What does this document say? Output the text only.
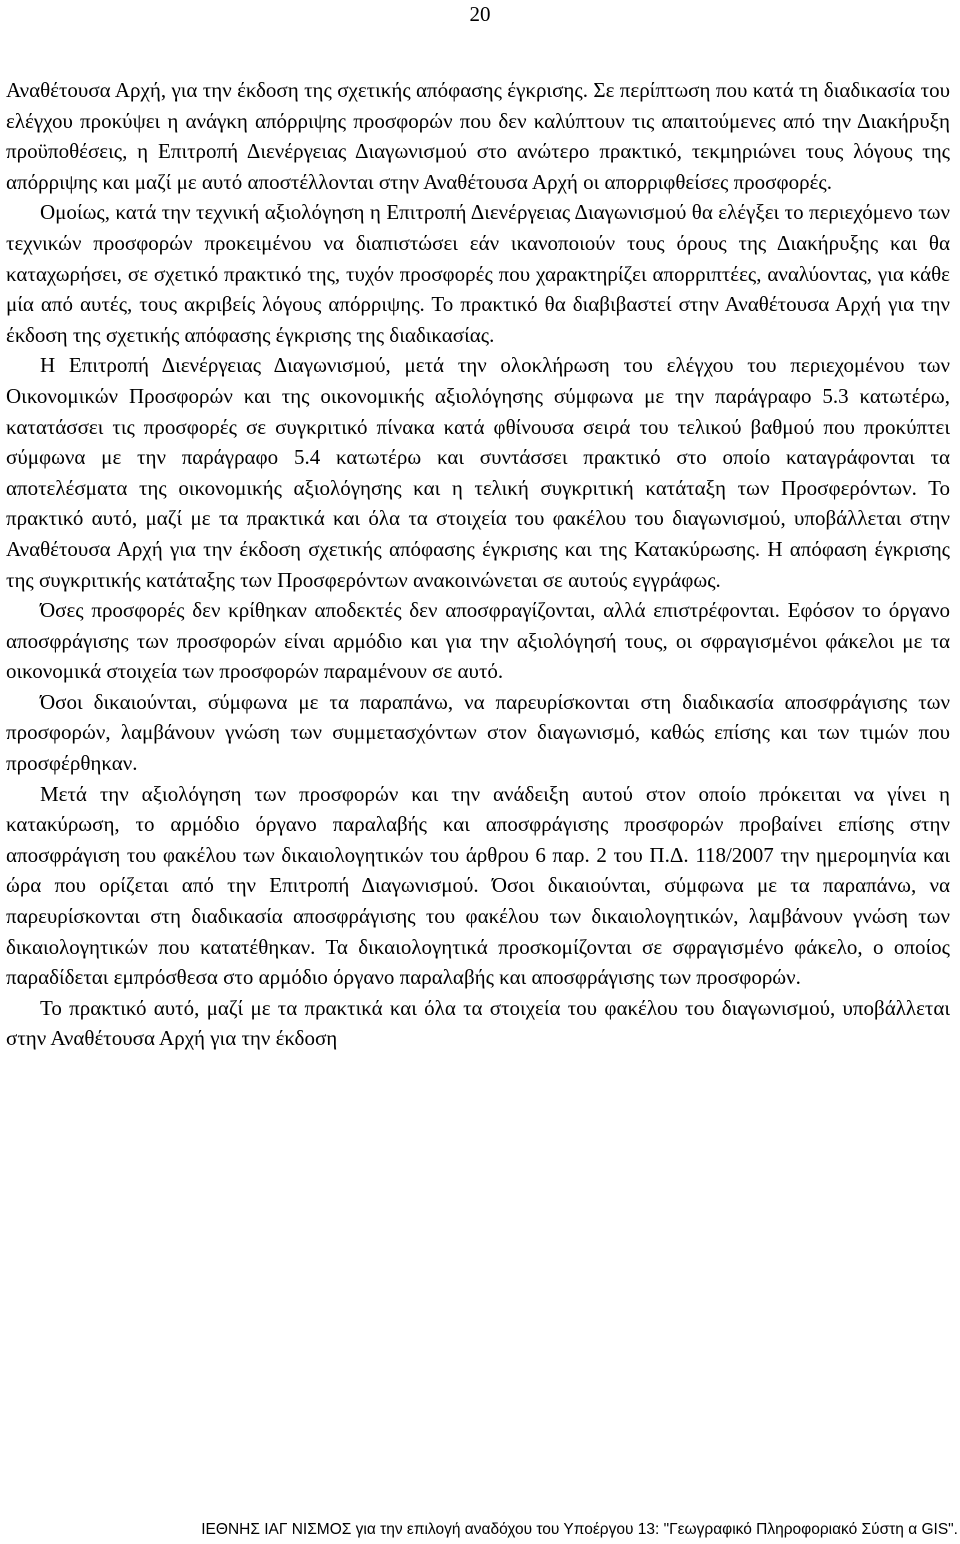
20

Αναθέτουσα Αρχή, για την έκδοση της σχετικής απόφασης έγκρισης. Σε περίπτωση που κατά τη διαδικασία του ελέγχου προκύψει η ανάγκη απόρριψης προσφορών που δεν καλύπτουν τις απαιτούμενες από την Διακήρυξη προϋποθέσεις, η Επιτροπή Διενέργειας Διαγωνισμού στο ανώτερο πρακτικό, τεκμηριώνει τους λόγους της απόρριψης και μαζί με αυτό αποστέλλονται στην Αναθέτουσα Αρχή οι απορριφθείσες προσφορές.

Ομοίως, κατά την τεχνική αξιολόγηση η Επιτροπή Διενέργειας Διαγωνισμού θα ελέγξει το περιεχόμενο των τεχνικών προσφορών προκειμένου να διαπιστώσει εάν ικανοποιούν τους όρους της Διακήρυξης και θα καταχωρήσει, σε σχετικό πρακτικό της, τυχόν προσφορές που χαρακτηρίζει απορριπτέες, αναλύοντας, για κάθε μία από αυτές, τους ακριβείς λόγους απόρριψης. Το πρακτικό θα διαβιβαστεί στην Αναθέτουσα Αρχή για την έκδοση της σχετικής απόφασης έγκρισης της διαδικασίας.

Η Επιτροπή Διενέργειας Διαγωνισμού, μετά την ολοκλήρωση του ελέγχου του περιεχομένου των Οικονομικών Προσφορών και της οικονομικής αξιολόγησης σύμφωνα με την παράγραφο 5.3 κατωτέρω, κατατάσσει τις προσφορές σε συγκριτικό πίνακα κατά φθίνουσα σειρά του τελικού βαθμού που προκύπτει σύμφωνα με την παράγραφο 5.4 κατωτέρω και συντάσσει πρακτικό στο οποίο καταγράφονται τα αποτελέσματα της οικονομικής αξιολόγησης και η τελική συγκριτική κατάταξη των Προσφερόντων. Το πρακτικό αυτό, μαζί με τα πρακτικά και όλα τα στοιχεία του φακέλου του διαγωνισμού, υποβάλλεται στην Αναθέτουσα Αρχή για την έκδοση σχετικής απόφασης έγκρισης και της Κατακύρωσης. Η απόφαση έγκρισης της συγκριτικής κατάταξης των Προσφερόντων ανακοινώνεται σε αυτούς εγγράφως.

Όσες προσφορές δεν κρίθηκαν αποδεκτές δεν αποσφραγίζονται, αλλά επιστρέφονται. Εφόσον το όργανο αποσφράγισης των προσφορών είναι αρμόδιο και για την αξιολόγησή τους, οι σφραγισμένοι φάκελοι με τα οικονομικά στοιχεία των προσφορών παραμένουν σε αυτό.

Όσοι δικαιούνται, σύμφωνα με τα παραπάνω, να παρευρίσκονται στη διαδικασία αποσφράγισης των προσφορών, λαμβάνουν γνώση των συμμετασχόντων στον διαγωνισμό, καθώς επίσης και των τιμών που προσφέρθηκαν.

Μετά την αξιολόγηση των προσφορών και την ανάδειξη αυτού στον οποίο πρόκειται να γίνει η κατακύρωση, το αρμόδιο όργανο παραλαβής και αποσφράγισης προσφορών προβαίνει επίσης στην αποσφράγιση του φακέλου των δικαιολογητικών του άρθρου 6 παρ. 2 του Π.Δ. 118/2007 την ημερομηνία και ώρα που ορίζεται από την Επιτροπή Διαγωνισμού. Όσοι δικαιούνται, σύμφωνα με τα παραπάνω, να παρευρίσκονται στη διαδικασία αποσφράγισης του φακέλου των δικαιολογητικών, λαμβάνουν γνώση των δικαιολογητικών που κατατέθηκαν. Τα δικαιολογητικά προσκομίζονται σε σφραγισμένο φάκελο, ο οποίος παραδίδεται εμπρόσθεσα στο αρμόδιο όργανο παραλαβής και αποσφράγισης των προσφορών.

Το πρακτικό αυτό, μαζί με τα πρακτικά και όλα τα στοιχεία του φακέλου του διαγωνισμού, υποβάλλεται στην Αναθέτουσα Αρχή για την έκδοση

ΙΕΘΝΗΣ ΙΑΓ ΝΙΣΜΟΣ για την επιλογή αναδόχου του Υποέργου 13: "Γεωγραφικό Πληροφοριακό Σύστη α GIS".
